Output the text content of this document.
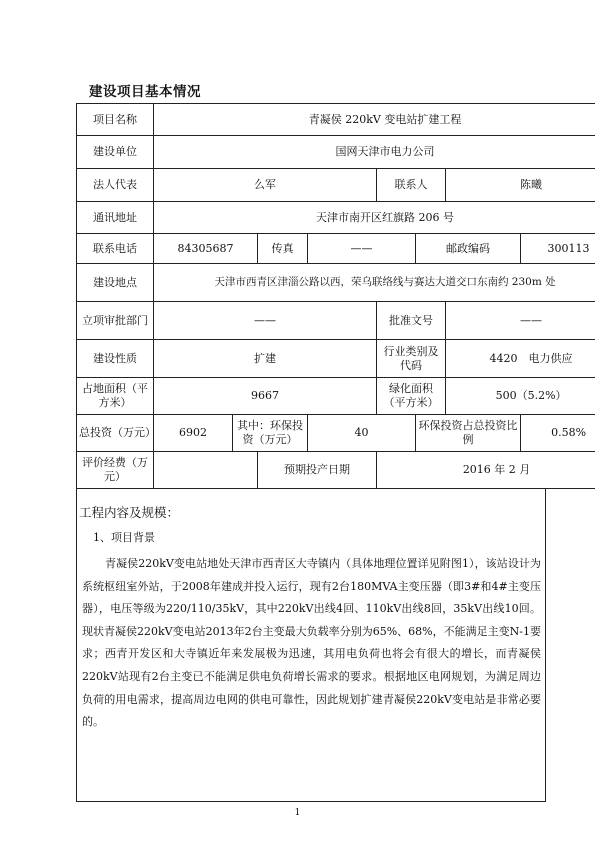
建设项目基本情况
项目名称	青凝侯 220kV 变电站扩建工程							
建设单位	国网天津市电力公司							
法人代表	么军				联系人		陈曦	
通讯地址	天津市南开区红旗路 206 号							
联系电话	84305687		传真	——		邮政编码		300113
建设地点	天津市西青区津淄公路以西，荣乌联络线与赛达大道交口东南约 230m 处							
立项审批部门	——				批准文号		——	
建设性质	扩建				行业类别及代码		4420　电力供应	
占地面积（平方米）	9667				绿化面积（平方米）		500（5.2%）	
总投资（万元）	6902	其中：环保投资（万元）		40		环保投资占总投资比例		0.58%
评价经费（万元）			预期投产日期		2016 年 2 月			
工程内容及规模：
1、项目背景

青凝侯220kV变电站地处天津市西青区大寺镇内（具体地理位置详见附图1），该站设计为系统枢纽室外站，于2008年建成并投入运行，现有2台180MVA主变压器（即3#和4#主变压器），电压等级为220/110/35kV，其中220kV出线4回、110kV出线8回，35kV出线10回。现状青凝侯220kV变电站2013年2台主变最大负载率分别为65%、68%，不能满足主变N-1要求；西青开发区和大寺镇近年来发展极为迅速，其用电负荷也将会有很大的增长，而青凝侯220kV站现有2台主变已不能满足供电负荷增长需求的要求。根据地区电网规划，为满足周边负荷的用电需求，提高周边电网的供电可靠性，因此规划扩建青凝侯220kV变电站是非常必要的。

1
